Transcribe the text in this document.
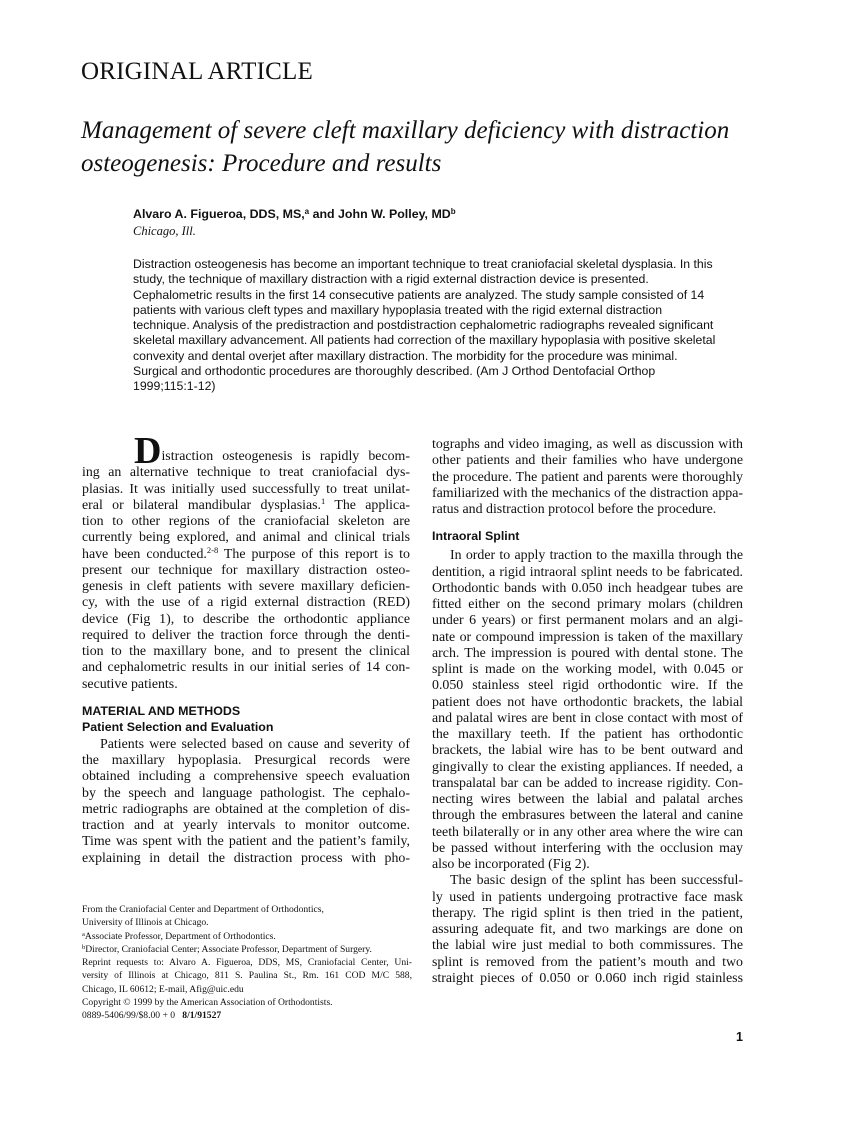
ORIGINAL ARTICLE
Management of severe cleft maxillary deficiency with distraction
osteogenesis: Procedure and results
Alvaro A. Figueroa, DDS, MS,$^a$ and John W. Polley, $MD^b$
Chicago, Ill.
Distraction osteogenesis has become an important technique to treat craniofacial skeletal dysplasia. In this
study, the technique of maxillary distraction with a rigid external distraction device is presented.
Cephalometric results in the first 14 consecutive patients are analyzed. The study sample consisted of 14
patients with various cleft types and maxillary hypoplasia treated with the rigid external distraction
technique. Analysis of the predistraction and postdistraction cephalometric radiographs revealed significant
skeletal maxillary advancement. All patients had correction of the maxillary hypoplasia with positive skeletal
convexity and dental overjet after maxillary distraction. The morbidity for the procedure was minimal.
Surgical and orthodontic procedures are thoroughly described. (Am J Orthod Dentofacial Orthop
1999;115:1-12)
Distraction osteogenesis is rapidly becom-
ing an alternative technique to treat craniofacial dys-
plasias. It was initially used successfully to treat unilat-
eral or bilateral mandibular dysplasias.$^1$ The applica-
tion to other regions of the craniofacial skeleton are
currently being explored, and animal and clinical trials
have been conducted.$^{2-8}$ The purpose of this report is to
present our technique for maxillary distraction osteo-
genesis in cleft patients with severe maxillary deficien-
cy, with the use of a rigid external distraction (RED)
device (Fig 1), to describe the orthodontic appliance
required to deliver the traction force through the denti-
tion to the maxillary bone, and to present the clinical
and cephalometric results in our initial series of 14 con-
secutive patients.
MATERIAL AND METHODS
Patient Selection and Evaluation
Patients were selected based on cause and severity of
the maxillary hypoplasia. Presurgical records were
obtained including a comprehensive speech evaluation
by the speech and language pathologist. The cephalo-
metric radiographs are obtained at the completion of dis-
traction and at yearly intervals to monitor outcome.
Time was spent with the patient and the patient’s family,
explaining in detail the distraction process with pho-
tographs and video imaging, as well as discussion with
other patients and their families who have undergone
the procedure. The patient and parents were thoroughly
familiarized with the mechanics of the distraction appa-
ratus and distraction protocol before the procedure.
Intraoral Splint
In order to apply traction to the maxilla through the
dentition, a rigid intraoral splint needs to be fabricated.
Orthodontic bands with 0.050 inch headgear tubes are
fitted either on the second primary molars (children
under 6 years) or first permanent molars and an algi-
nate or compound impression is taken of the maxillary
arch. The impression is poured with dental stone. The
splint is made on the working model, with 0.045 or
0.050 stainless steel rigid orthodontic wire. If the
patient does not have orthodontic brackets, the labial
and palatal wires are bent in close contact with most of
the maxillary teeth. If the patient has orthodontic
brackets, the labial wire has to be bent outward and
gingivally to clear the existing appliances. If needed, a
transpalatal bar can be added to increase rigidity. Con-
necting wires between the labial and palatal arches
through the embrasures between the lateral and canine
teeth bilaterally or in any other area where the wire can
be passed without interfering with the occlusion may
also be incorporated (Fig 2).
The basic design of the splint has been successful-
ly used in patients undergoing protractive face mask
therapy. The rigid splint is then tried in the patient,
assuring adequate fit, and two markings are done on
the labial wire just medial to both commissures. The
splint is removed from the patient’s mouth and two
straight pieces of 0.050 or 0.060 inch rigid stainless
From the Craniofacial Center and Department of Orthodontics,
University of Illinois at Chicago.
$^a$Associate Professor, Department of Orthodontics.
$^b$Director, Craniofacial Center; Associate Professor, Department of Surgery.
Reprint requests to: Alvaro A. Figueroa, DDS, MS, Craniofacial Center, Uni-
versity of Illinois at Chicago, 811 S. Paulina St., Rm. 161 COD M/C 588,
Chicago, IL 60612; E-mail, Afig@uic.edu
Copyright © 1999 by the American Association of Orthodontists.
0889-5406/99/$8.00 + 0   8/1/91527
1
